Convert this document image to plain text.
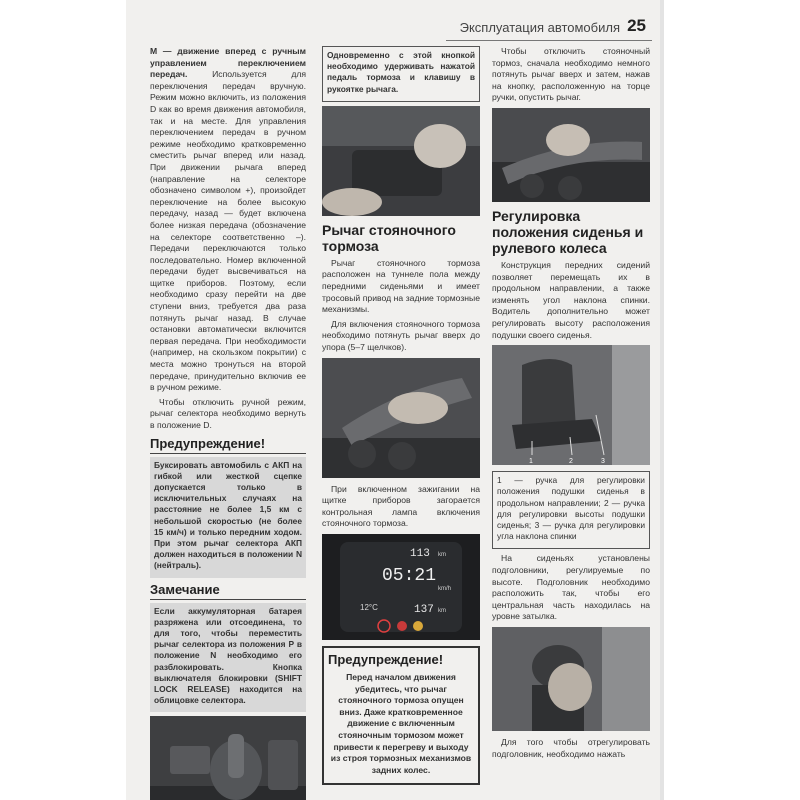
Эксплуатация автомобиля 25

M — движение вперед с ручным управлением переключением передач.	Используется для переключения передач вручную. Режим можно включить, из положения D как во время движения автомобиля, так и на месте. Для управления переключением передач в ручном режиме необходимо кратковременно сместить рычаг вперед или назад. При движении рычага вперед (направление на селекторе обозначено символом +), произойдет переключение на более высокую передачу, назад — будет включена более низкая передача (обозначение на селекторе соответственно –). Передачи переключаются только последовательно. Номер включенной передачи будет высвечиваться на щитке приборов. Поэтому, если необходимо сразу перейти на две ступени вниз, требуется два раза потянуть рычаг назад. В случае остановки автоматически включится первая передача. При необходимости (например, на скользком покрытии) с места можно тронуться на второй передаче, принудительно включив ее в ручном режиме.

Чтобы отключить ручной режим, рычаг селектора необходимо вернуть в положение D.

Предупреждение!

Буксировать автомобиль с АКП на гибкой или жесткой сцепке допускается только в исключительных случаях на расстояние не более 1,5 км с небольшой скоростью (не более 15 км/ч) и только передним ходом. При этом рычаг селектора АКП должен находиться в положении N (нейтраль).

Замечание

Если аккумуляторная батарея разряжена или отсоединена, то для того, чтобы переместить рычаг селектора из положения P в положение N необходимо его разблокировать. Кнопка выключателя блокировки (SHIFT LOCK RELEASE) находится на облицовке селектора.

Одновременно с этой кнопкой необходимо удерживать нажатой педаль тормоза и клавишу в рукоятке рычага.

Рычаг стояночного тормоза

Рычаг стояночного тормоза расположен на туннеле пола между передними сиденьями и имеет тросовый привод на задние тормозные механизмы.

Для включения стояночного тормоза необходимо потянуть рычаг вверх до упора (5–7 щелчков).

При включенном зажигании на щитке приборов загорается контрольная лампа включения стояночного тормоза.

113 km
05:21
km/h
12°C	137 km
Предупреждение!

Перед началом движения убедитесь, что рычаг стояночного тормоза опущен вниз. Даже кратковременное движение с включенным стояночным тормозом может привести к перегреву и выходу из строя тормозных механизмов задних колес.

Чтобы отключить стояночный тормоз, сначала необходимо немного потянуть рычаг вверх и затем, нажав на кнопку, расположенную на торце ручки, опустить рычаг.

Регулировка положения сиденья и рулевого колеса

Конструкция передних сидений позволяет перемещать их в продольном направлении, а также изменять угол наклона спинки. Водитель дополнительно может регулировать высоту расположения подушки своего сиденья.

1	2	3

1 — ручка для регулировки положения подушки сиденья в продольном направлении; 2 — ручка для регулировки высоты подушки сиденья; 3 — ручка для регулировки угла наклона спинки

На сиденьях установлены подголовники, регулируемые по высоте. Подголовник необходимо расположить так, чтобы его центральная часть находилась на уровне затылка.

Для того чтобы отрегулировать подголовник, необходимо нажать
